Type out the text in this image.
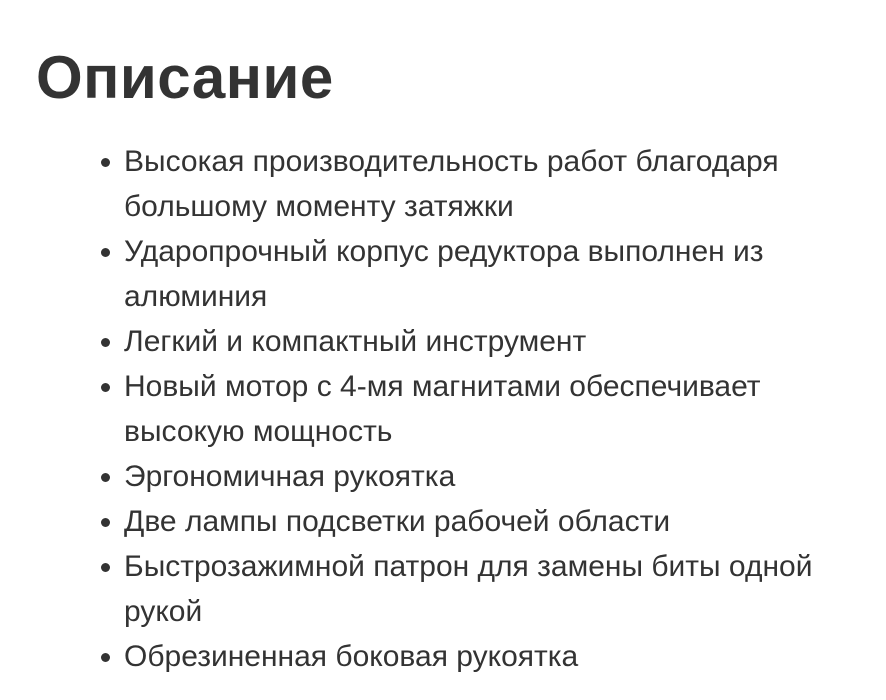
Описание
Высокая производительность работ благодаря большому моменту затяжки
Ударопрочный корпус редуктора выполнен из алюминия
Легкий и компактный инструмент
Новый мотор с 4-мя магнитами обеспечивает высокую мощность
Эргономичная рукоятка
Две лампы подсветки рабочей области
Быстрозажимной патрон для замены биты одной рукой
Обрезиненная боковая рукоятка
